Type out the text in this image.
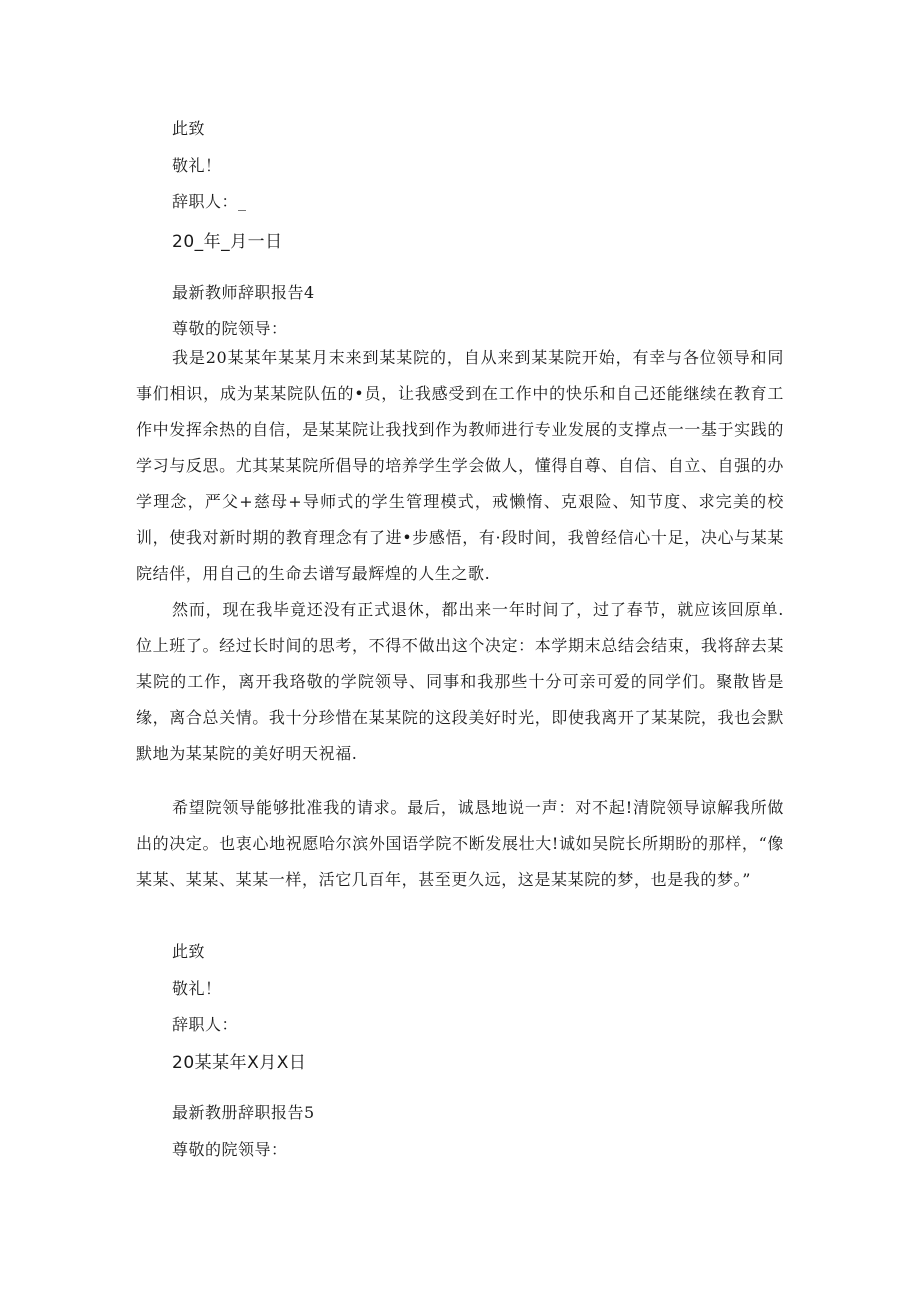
此致
敬礼！
辞职人：_
20_年_月一日
最新教师辞职报告4
尊敬的院领导：

我是20某某年某某月末来到某某院的，自从来到某某院开始，有幸与各位领导和同事们相识，成为某某院队伍的•员，让我感受到在工作中的快乐和自己还能继续在教育工作中发挥余热的自信，是某某院让我找到作为教师进行专业发展的支撑点一一基于实践的学习与反思。尤其某某院所倡导的培养学生学会做人，懂得自尊、自信、自立、自强的办学理念，严父+慈母+导师式的学生管理模式，戒懒惰、克艰险、知节度、求完美的校训，使我对新时期的教育理念有了进•步感悟，有·段时间，我曾经信心十足，决心与某某院结伴，用自己的生命去谱写最辉煌的人生之歌.

然而，现在我毕竟还没有正式退休，都出来一年时间了，过了春节，就应该回原单.位上班了。经过长时间的思考，不得不做出这个决定：本学期末总结会结束，我将辞去某某院的工作，离开我珞敬的学院领导、同事和我那些十分可亲可爱的同学们。聚散皆是缘，离合总关情。我十分珍惜在某某院的这段美好时光，即使我离开了某某院，我也会默默地为某某院的美好明天祝福.

希望院领导能够批准我的请求。最后，诚恳地说一声：对不起!清院领导谅解我所做出的决定。也衷心地祝愿哈尔滨外国语学院不断发展壮大!诚如吴院长所期盼的那样，“像某某、某某、某某一样，活它几百年，甚至更久远，这是某某院的梦，也是我的梦。”

此致
敬礼！
辞职人：
20某某年X月X日
最新教册辞职报告5
尊敬的院领导：
